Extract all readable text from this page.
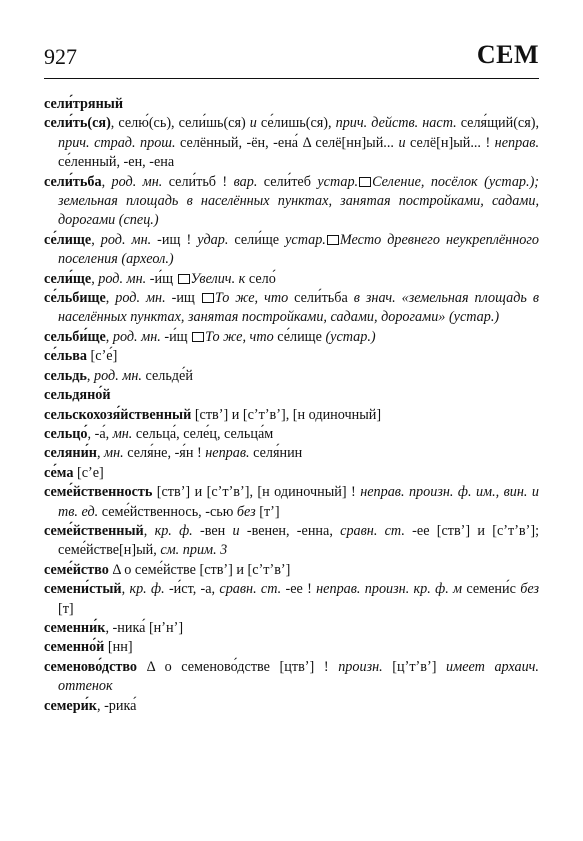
927	СЕМ

сели́тряный

сели́ть(ся), селю́(сь), сели́шь(ся) и се́лишь(ся), прич. действ. наст. селя́щий(ся), прич. страд. прош. селённый, -ён, -ена́ Δ селё[нн]ый... и селё[н]ый... ! неправ. се́ленный, -ен, -ена

сели́тьба, род. мн. сели́тьб ! вар. сели́теб устар. Селение, посёлок (устар.); земельная площадь в населённых пунктах, занятая постройками, садами, дорогами (спец.)

се́лище, род. мн. -ищ ! удар. сели́ще устар. Место древнего неукреплённого поселения (археол.)

сели́ще, род. мн. -и́щ Увелич. к село́

се́льбище, род. мн. -ищ То же, что сели́тьба в знач. «земельная площадь в населённых пунктах, занятая постройками, садами, дорогами» (устар.)

сельби́ще, род. мн. -и́щ То же, что се́лище (устар.)

се́льва [сʼе́]

сельдь, род. мн. сельде́й

сельдяно́й

сельскохозя́йственный [ствʼ] и [сʼтʼвʼ], [н одиночный]

сельцо́, -а́, мн. сельца́, селе́ц, сельца́м

селяни́н, мн. селя́не, -я́н ! неправ. селя́нин

се́ма [сʼе]

семе́йственность [ствʼ] и [сʼтʼвʼ], [н одиночный] ! неправ. произн. ф. им., вин. и тв. ед. семе́йственнось, -сью без [тʼ]

семе́йственный, кр. ф. -вен и -венен, -енна, сравн. ст. -ее [ствʼ] и [сʼтʼвʼ]; семе́йстве[н]ый, см. прим. 3

семе́йство Δ о семе́йстве [ствʼ] и [сʼтʼвʼ]

семени́стый, кр. ф. -и́ст, -а, сравн. ст. -ее ! неправ. произн. кр. ф. м семени́с без [т]

семенни́к, -ника́ [нʼнʼ]

семенно́й [нн]

семеново́дство Δ о семеново́дстве [цтвʼ] ! произн. [цʼтʼвʼ] имеет архаич. оттенок

семери́к, -рика́
